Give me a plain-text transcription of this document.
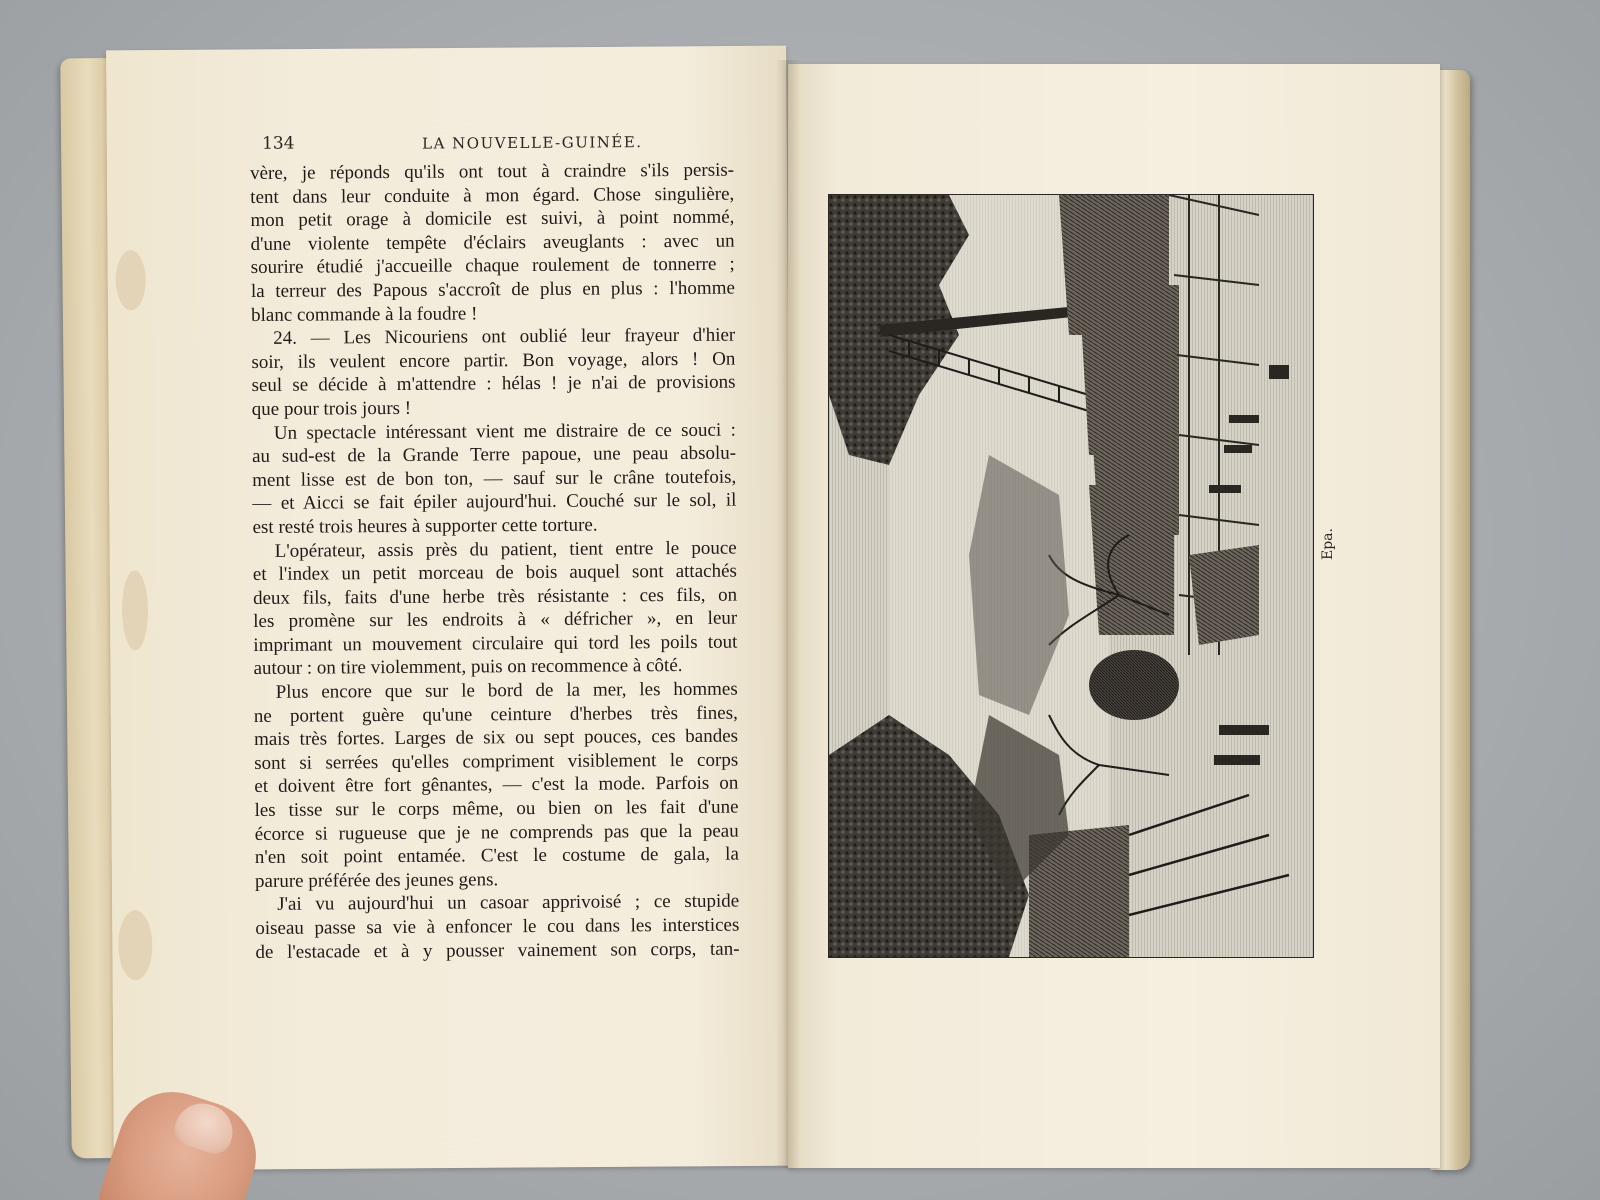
134	LA NOUVELLE-GUINÉE.
vère, je réponds qu'ils ont tout à craindre s'ils persis-
tent dans leur conduite à mon égard. Chose singulière,
mon petit orage à domicile est suivi, à point nommé,
d'une violente tempête d'éclairs aveuglants : avec un
sourire étudié j'accueille chaque roulement de tonnerre ;
la terreur des Papous s'accroît de plus en plus : l'homme
blanc commande à la foudre !
24. — Les Nicouriens ont oublié leur frayeur d'hier
soir, ils veulent encore partir. Bon voyage, alors ! On
seul se décide à m'attendre : hélas ! je n'ai de provisions
que pour trois jours !
Un spectacle intéressant vient me distraire de ce souci :
au sud-est de la Grande Terre papoue, une peau absolu-
ment lisse est de bon ton, — sauf sur le crâne toutefois,
— et Aicci se fait épiler aujourd'hui. Couché sur le sol, il
est resté trois heures à supporter cette torture.
L'opérateur, assis près du patient, tient entre le pouce
et l'index un petit morceau de bois auquel sont attachés
deux fils, faits d'une herbe très résistante : ces fils, on
les promène sur les endroits à « défricher », en leur
imprimant un mouvement circulaire qui tord les poils tout
autour : on tire violemment, puis on recommence à côté.
Plus encore que sur le bord de la mer, les hommes
ne portent guère qu'une ceinture d'herbes très fines,
mais très fortes. Larges de six ou sept pouces, ces bandes
sont si serrées qu'elles compriment visiblement le corps
et doivent être fort gênantes, — c'est la mode. Parfois on
les tisse sur le corps même, ou bien on les fait d'une
écorce si rugueuse que je ne comprends pas que la peau
n'en soit point entamée. C'est le costume de gala, la
parure préférée des jeunes gens.
J'ai vu aujourd'hui un casoar apprivoisé ; ce stupide
oiseau passe sa vie à enfoncer le cou dans les interstices
de l'estacade et à y pousser vainement son corps, tan-
Epa.
